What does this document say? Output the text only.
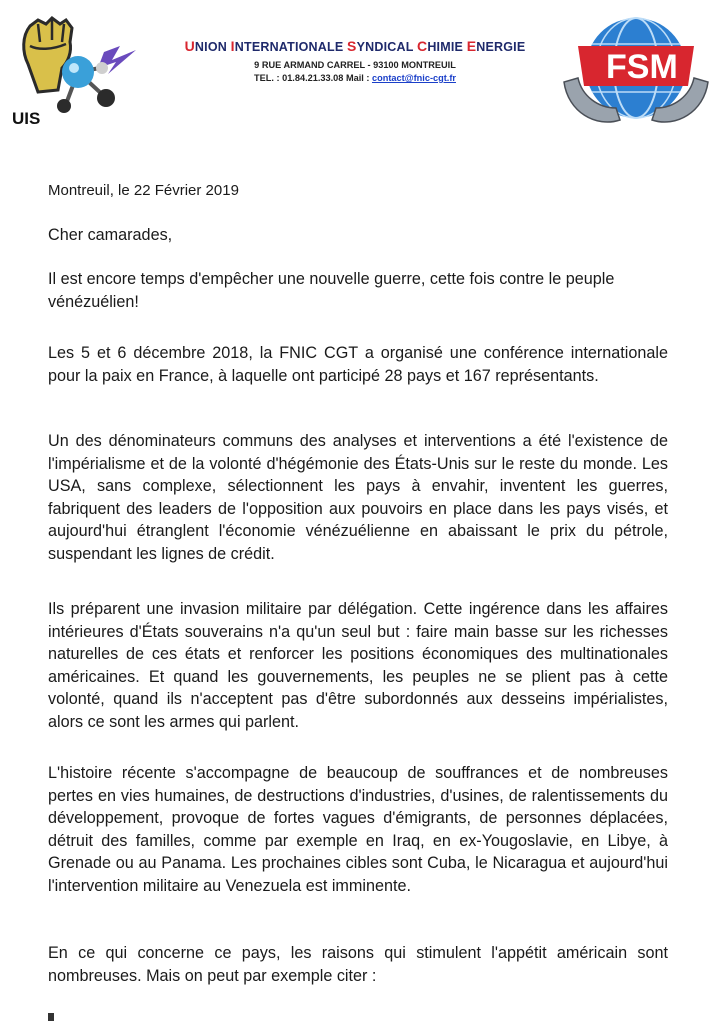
UIS
UNION INTERNATIONALE SYNDICAL CHIMIE ENERGIE
9 RUE ARMAND CARREL - 93100 MONTREUIL
TEL. : 01.84.21.33.08 Mail : contact@fnic-cgt.fr	FSM
Montreuil, le 22 Février 2019
Cher camarades,

Il est encore temps d'empêcher une nouvelle guerre, cette fois contre le peuple vénézuélien!

Les 5 et 6 décembre 2018, la FNIC CGT a organisé une conférence internationale pour la paix en France, à laquelle ont participé 28 pays et 167 représentants.

Un des dénominateurs communs des analyses et interventions a été l'existence de l'impérialisme et de la volonté d'hégémonie des États-Unis sur le reste du monde. Les USA, sans complexe, sélectionnent les pays à envahir, inventent les guerres, fabriquent des leaders de l'opposition aux pouvoirs en place dans les pays visés, et aujourd'hui étranglent l'économie vénézuélienne en abaissant le prix du pétrole, suspendant les lignes de crédit.

Ils préparent une invasion militaire par délégation. Cette ingérence dans les affaires intérieures d'États souverains n'a qu'un seul but : faire main basse sur les richesses naturelles de ces états et renforcer les positions économiques des multinationales américaines. Et quand les gouvernements, les peuples ne se plient pas à cette volonté, quand ils n'acceptent pas d'être subordonnés aux desseins impérialistes, alors ce sont les armes qui parlent.

L'histoire récente s'accompagne de beaucoup de souffrances et de nombreuses pertes en vies humaines, de destructions d'industries, d'usines, de ralentissements du développement, provoque de fortes vagues d'émigrants, de personnes déplacées, détruit des familles, comme par exemple en Iraq, en ex-Yougoslavie, en Libye, à Grenade ou au Panama. Les prochaines cibles sont Cuba, le Nicaragua et aujourd'hui l'intervention militaire au Venezuela est imminente.

En ce qui concerne ce pays, les raisons qui stimulent l'appétit américain sont nombreuses. Mais on peut par exemple citer :
